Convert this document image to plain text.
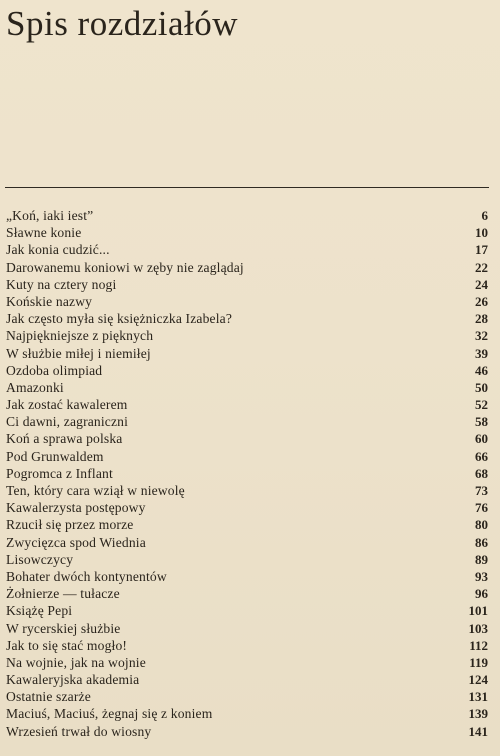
Spis rozdziałów
„Koń, iaki iest”	6
Sławne konie	10
Jak konia cudzić...	17
Darowanemu koniowi w zęby nie zaglądaj	22
Kuty na cztery nogi	24
Końskie nazwy	26
Jak często myła się księżniczka Izabela?	28
Najpiękniejsze z pięknych	32
W służbie miłej i niemiłej	39
Ozdoba olimpiad	46
Amazonki	50
Jak zostać kawalerem	52
Ci dawni, zagraniczni	58
Koń a sprawa polska	60
Pod Grunwaldem	66
Pogromca z Inflant	68
Ten, który cara wziął w niewolę	73
Kawalerzysta postępowy	76
Rzucił się przez morze	80
Zwycięzca spod Wiednia	86
Lisowczycy	89
Bohater dwóch kontynentów	93
Żołnierze — tułacze	96
Książę Pepi	101
W rycerskiej służbie	103
Jak to się stać mogło!	112
Na wojnie, jak na wojnie	119
Kawaleryjska akademia	124
Ostatnie szarże	131
Maciuś, Maciuś, żegnaj się z koniem	139
Wrzesień trwał do wiosny	141
